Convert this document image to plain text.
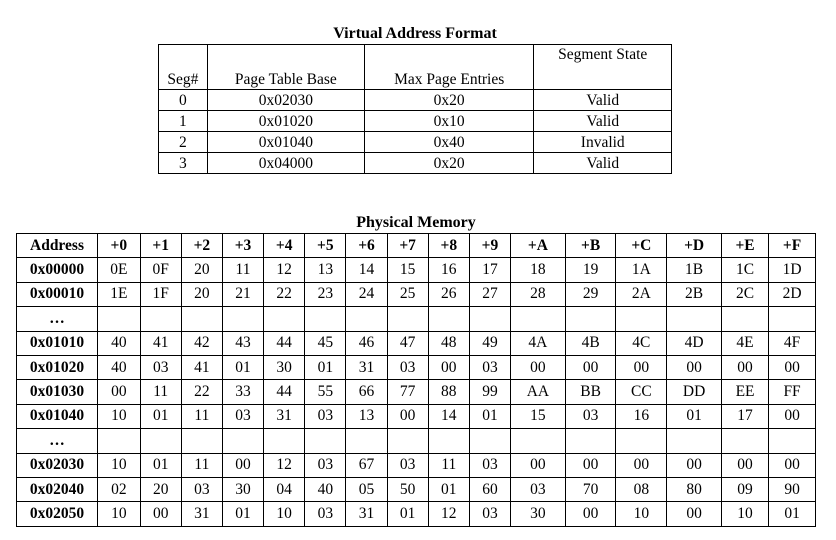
Virtual Address Format
Seg#	Page Table Base	Max Page Entries	Segment State
0	0x02030	0x20	Valid
1	0x01020	0x10	Valid
2	0x01040	0x40	Invalid
3	0x04000	0x20	Valid
Physical Memory
Address	+0	+1	+2	+3	+4	+5	+6	+7	+8	+9	+A	+B	+C	+D	+E	+F
0x00000	0E	0F	20	11	12	13	14	15	16	17	18	19	1A	1B	1C	1D
0x00010	1E	1F	20	21	22	23	24	25	26	27	28	29	2A	2B	2C	2D
…																
0x01010	40	41	42	43	44	45	46	47	48	49	4A	4B	4C	4D	4E	4F
0x01020	40	03	41	01	30	01	31	03	00	03	00	00	00	00	00	00
0x01030	00	11	22	33	44	55	66	77	88	99	AA	BB	CC	DD	EE	FF
0x01040	10	01	11	03	31	03	13	00	14	01	15	03	16	01	17	00
…																
0x02030	10	01	11	00	12	03	67	03	11	03	00	00	00	00	00	00
0x02040	02	20	03	30	04	40	05	50	01	60	03	70	08	80	09	90
0x02050	10	00	31	01	10	03	31	01	12	03	30	00	10	00	10	01
